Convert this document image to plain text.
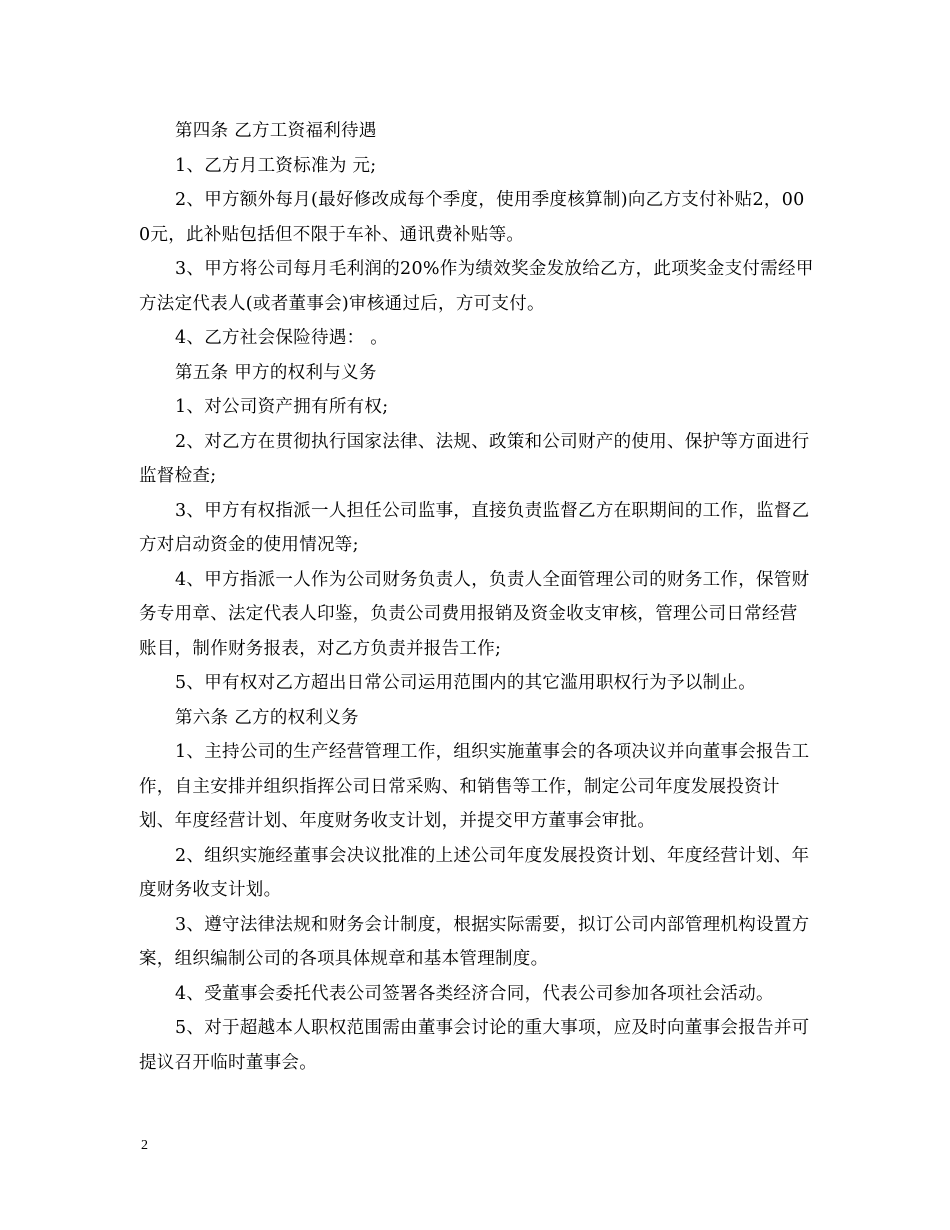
第四条 乙方工资福利待遇

1、乙方月工资标准为 元;

2、甲方额外每月(最好修改成每个季度，使用季度核算制)向乙方支付补贴2，000元，此补贴包括但不限于车补、通讯费补贴等。

3、甲方将公司每月毛利润的20%作为绩效奖金发放给乙方，此项奖金支付需经甲方法定代表人(或者董事会)审核通过后，方可支付。

4、乙方社会保险待遇： 。

第五条 甲方的权利与义务

1、对公司资产拥有所有权;

2、对乙方在贯彻执行国家法律、法规、政策和公司财产的使用、保护等方面进行监督检查;

3、甲方有权指派一人担任公司监事，直接负责监督乙方在职期间的工作，监督乙方对启动资金的使用情况等;

4、甲方指派一人作为公司财务负责人，负责人全面管理公司的财务工作，保管财务专用章、法定代表人印鉴，负责公司费用报销及资金收支审核，管理公司日常经营账目，制作财务报表，对乙方负责并报告工作;

5、甲有权对乙方超出日常公司运用范围内的其它滥用职权行为予以制止。

第六条 乙方的权利义务

1、主持公司的生产经营管理工作，组织实施董事会的各项决议并向董事会报告工作，自主安排并组织指挥公司日常采购、和销售等工作，制定公司年度发展投资计划、年度经营计划、年度财务收支计划，并提交甲方董事会审批。

2、组织实施经董事会决议批准的上述公司年度发展投资计划、年度经营计划、年度财务收支计划。

3、遵守法律法规和财务会计制度，根据实际需要，拟订公司内部管理机构设置方案，组织编制公司的各项具体规章和基本管理制度。

4、受董事会委托代表公司签署各类经济合同，代表公司参加各项社会活动。

5、对于超越本人职权范围需由董事会讨论的重大事项，应及时向董事会报告并可提议召开临时董事会。

2
